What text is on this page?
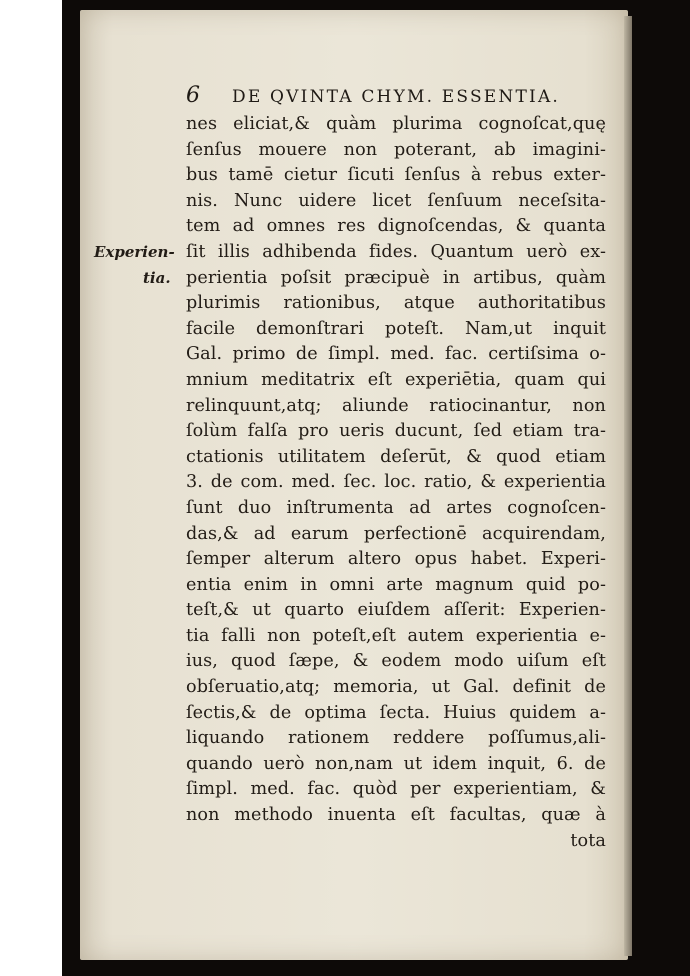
6 DE QVINTA CHYM. ESSENTIA.
Experien-
tia.
nes eliciat,& quàm plurima cognoſcat,quę
ſenſus mouere non poterant, ab imagini-
bus tamē cietur ſicuti ſenſus à rebus exter-
nis. Nunc uidere licet ſenſuum neceſsita-
tem ad omnes res dignoſcendas, & quanta
ſit illis adhibenda fides. Quantum uerò ex-
perientia poſsit præcipuè in artibus, quàm
plurimis rationibus, atque authoritatibus
facile demonſtrari poteſt. Nam,ut inquit
Gal. primo de ſimpl. med. fac. certiſsima o-
mnium meditatrix eſt experiētia, quam qui
relinquunt,atq; aliunde ratiocinantur, non
ſolùm falſa pro ueris ducunt, ſed etiam tra-
ctationis utilitatem deſerūt, & quod etiam
3. de com. med. ſec. loc. ratio, & experientia
ſunt duo inſtrumenta ad artes cognoſcen-
das,& ad earum perfectionē acquirendam,
ſemper alterum altero opus habet. Experi-
entia enim in omni arte magnum quid po-
teſt,& ut quarto eiuſdem aſſerit: Experien-
tia falli non poteſt,eſt autem experientia e-
ius, quod ſæpe, & eodem modo uiſum eſt
obſeruatio,atq; memoria, ut Gal. definit de
ſectis,& de optima ſecta. Huius quidem a-
liquando rationem reddere poſſumus,ali-
quando uerò non,nam ut idem inquit, 6. de
ſimpl. med. fac. quòd per experientiam, &
non methodo inuenta eſt facultas, quæ à
tota
